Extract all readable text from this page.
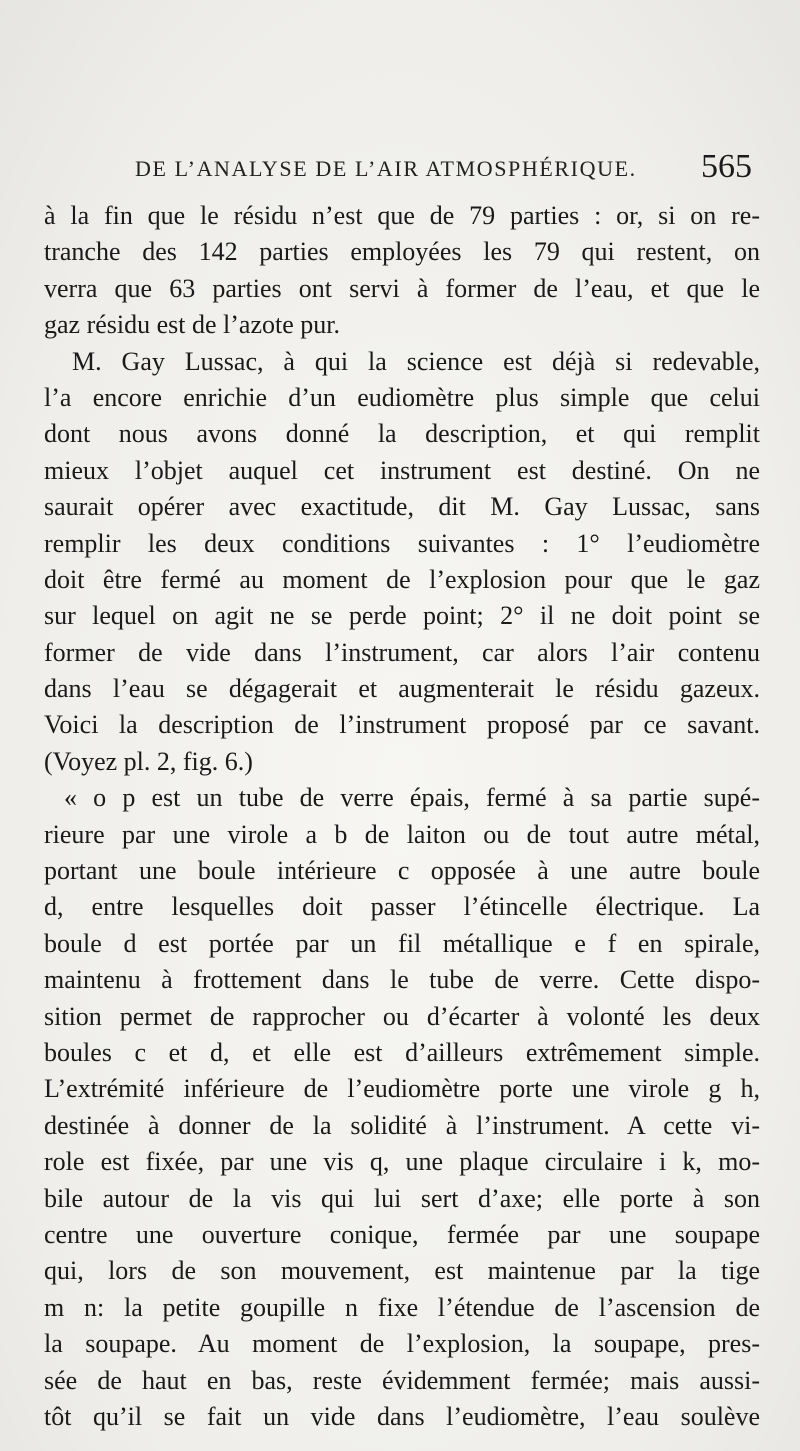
DE L’ANALYSE DE L’AIR ATMOSPHÉRIQUE. 565
à la fin que le résidu n’est que de 79 parties : or, si on re-
tranche des 142 parties employées les 79 qui restent, on
verra que 63 parties ont servi à former de l’eau, et que le
gaz résidu est de l’azote pur.
M. Gay Lussac, à qui la science est déjà si redevable,
l’a encore enrichie d’un eudiomètre plus simple que celui
dont nous avons donné la description, et qui remplit
mieux l’objet auquel cet instrument est destiné. On ne
saurait opérer avec exactitude, dit M. Gay Lussac, sans
remplir les deux conditions suivantes : 1° l’eudiomètre
doit être fermé au moment de l’explosion pour que le gaz
sur lequel on agit ne se perde point; 2° il ne doit point se
former de vide dans l’instrument, car alors l’air contenu
dans l’eau se dégagerait et augmenterait le résidu gazeux.
Voici la description de l’instrument proposé par ce savant.
(Voyez pl. 2, fig. 6.)
« o p est un tube de verre épais, fermé à sa partie supé-
rieure par une virole a b de laiton ou de tout autre métal,
portant une boule intérieure c opposée à une autre boule
d, entre lesquelles doit passer l’étincelle électrique. La
boule d est portée par un fil métallique e f en spirale,
maintenu à frottement dans le tube de verre. Cette dispo-
sition permet de rapprocher ou d’écarter à volonté les deux
boules c et d, et elle est d’ailleurs extrêmement simple.
L’extrémité inférieure de l’eudiomètre porte une virole g h,
destinée à donner de la solidité à l’instrument. A cette vi-
role est fixée, par une vis q, une plaque circulaire i k, mo-
bile autour de la vis qui lui sert d’axe; elle porte à son
centre une ouverture conique, fermée par une soupape
qui, lors de son mouvement, est maintenue par la tige
m n: la petite goupille n fixe l’étendue de l’ascension de
la soupape. Au moment de l’explosion, la soupape, pres-
sée de haut en bas, reste évidemment fermée; mais aussi-
tôt qu’il se fait un vide dans l’eudiomètre, l’eau soulève
